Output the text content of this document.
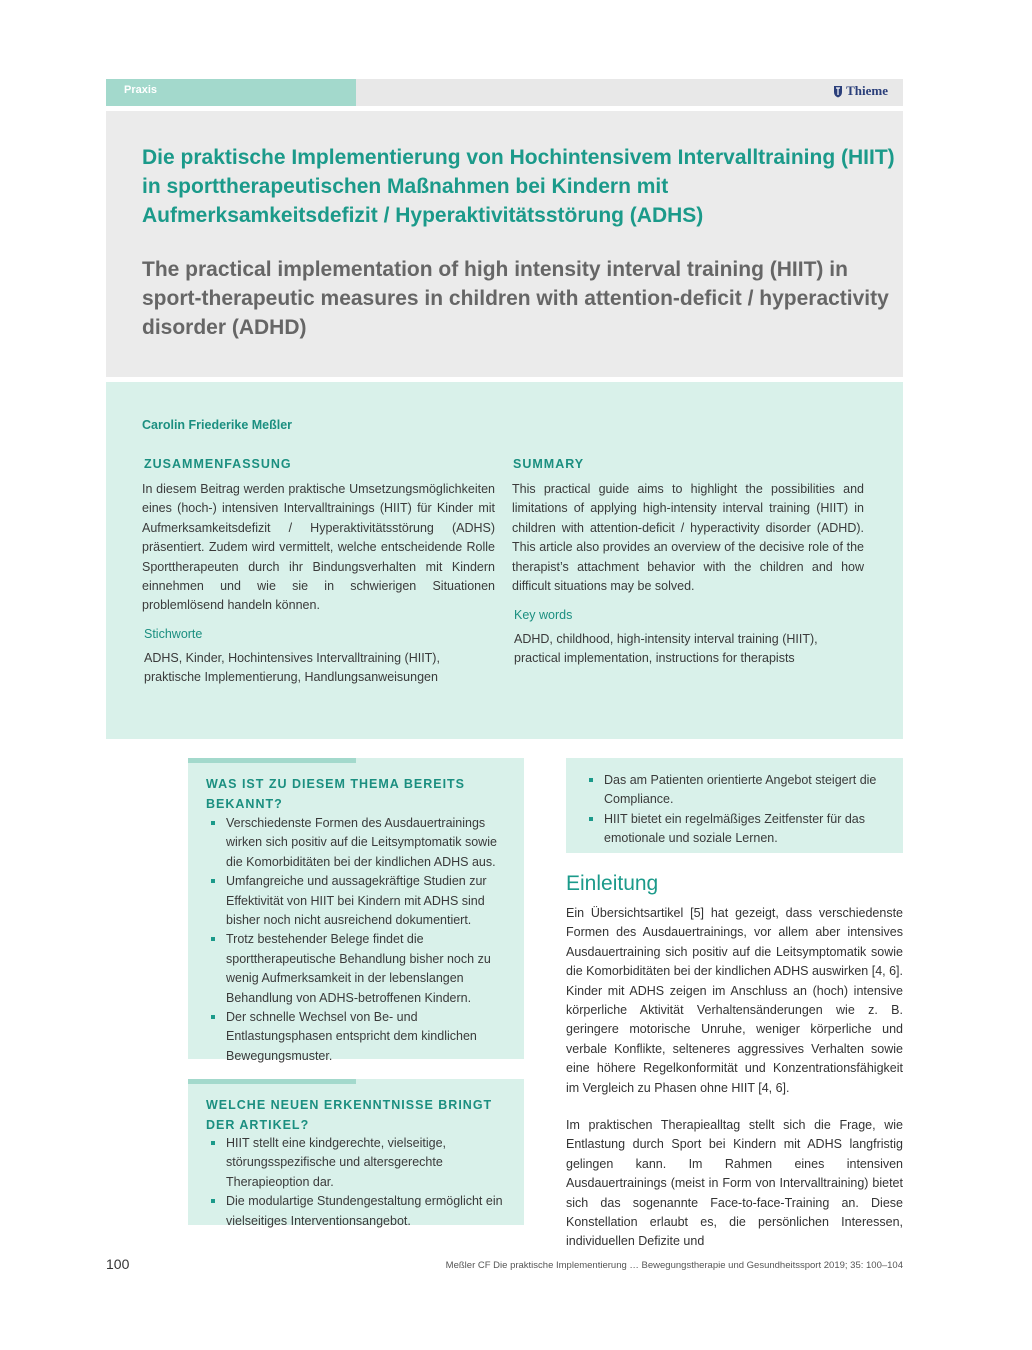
Praxis	Thieme
Die praktische Implementierung von Hochintensivem Intervalltraining (HIIT) in sporttherapeutischen Maßnahmen bei Kindern mit Aufmerksamkeitsdefizit / Hyperaktivitätsstörung (ADHS)
The practical implementation of high intensity interval training (HIIT) in sport-therapeutic measures in children with attention-deficit / hyperactivity disorder (ADHD)
Carolin Friederike Meßler
ZUSAMMENFASSUNG

In diesem Beitrag werden praktische Umsetzungsmöglichkeiten eines (hoch-) intensiven Intervalltrainings (HIIT) für Kinder mit Aufmerksamkeitsdefizit / Hyperaktivitätsstörung (ADHS) präsentiert. Zudem wird vermittelt, welche entscheidende Rolle Sporttherapeuten durch ihr Bindungsverhalten mit Kindern einnehmen und wie sie in schwierigen Situationen problemlösend handeln können.

Stichworte

ADHS, Kinder, Hochintensives Intervalltraining (HIIT), praktische Implementierung, Handlungsanweisungen

SUMMARY

This practical guide aims to highlight the possibilities and limitations of applying high-intensity interval training (HIIT) in children with attention-deficit / hyperactivity disorder (ADHD). This article also provides an overview of the decisive role of the therapist’s attachment behavior with the children and how difficult situations may be solved.

Key words

ADHD, childhood, high-intensity interval training (HIIT), practical implementation, instructions for therapists

WAS IST ZU DIESEM THEMA BEREITS BEKANNT?

Verschiedenste Formen des Ausdauertrainings wirken sich positiv auf die Leitsymptomatik sowie die Komorbiditäten bei der kindlichen ADHS aus.
Umfangreiche und aussagekräftige Studien zur Effektivität von HIIT bei Kindern mit ADHS sind bisher noch nicht ausreichend dokumentiert.
Trotz bestehender Belege findet die sporttherapeutische Behandlung bisher noch zu wenig Aufmerksamkeit in der lebenslangen Behandlung von ADHS-betroffenen Kindern.
Der schnelle Wechsel von Be- und Entlastungsphasen entspricht dem kindlichen Bewegungsmuster.

WELCHE NEUEN ERKENNTNISSE BRINGT DER ARTIKEL?

HIIT stellt eine kindgerechte, vielseitige, störungsspezifische und altersgerechte Therapieoption dar.
Die modulartige Stundengestaltung ermöglicht ein vielseitiges Interventionsangebot.
Das am Patienten orientierte Angebot steigert die Compliance.
HIIT bietet ein regelmäßiges Zeitfenster für das emotionale und soziale Lernen.
Einleitung

Ein Übersichtsartikel [5] hat gezeigt, dass verschiedenste Formen des Ausdauertrainings, vor allem aber intensives Ausdauertraining sich positiv auf die Leitsymptomatik sowie die Komorbiditäten bei der kindlichen ADHS auswirken [4, 6]. Kinder mit ADHS zeigen im Anschluss an (hoch) intensive körperliche Aktivität Verhaltensänderungen wie z. B. geringere motorische Unruhe, weniger körperliche und verbale Konflikte, selteneres aggressives Verhalten sowie eine höhere Regelkonformität und Konzentrationsfähigkeit im Vergleich zu Phasen ohne HIIT [4, 6].

Im praktischen Therapiealltag stellt sich die Frage, wie Entlastung durch Sport bei Kindern mit ADHS langfristig gelingen kann. Im Rahmen eines intensiven Ausdauertrainings (meist in Form von Intervalltraining) bietet sich das sogenannte Face-to-face-Training an. Diese Konstellation erlaubt es, die persönlichen Interessen, individuellen Defizite und

100	Meßler CF Die praktische Implementierung … Bewegungstherapie und Gesundheitssport 2019; 35: 100–104
